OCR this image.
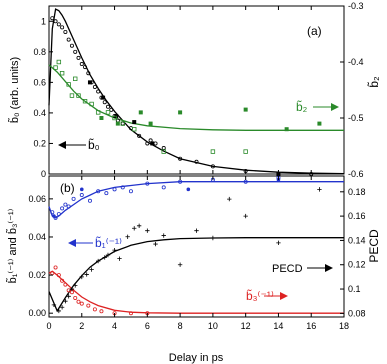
0
0.2
0.4
0.6
0.8
1
-0.6
-0.5
-0.4
-0.3
0	2	4	6	8	10	12	14	16	18
0.00
0.02
0.04
0.06
0.08
0.1
0.12
0.14
0.16
0.18
(a)
(b)
b̃₀ (arb. units)	b̃₂
b̃₁⁽⁻¹⁾ and b̃₃⁽⁻¹⁾	PECD
Delay in ps
b̃₀
b̃₂
b̃₁⁽⁻¹⁾
PECD
b̃₃⁽⁻¹⁾
